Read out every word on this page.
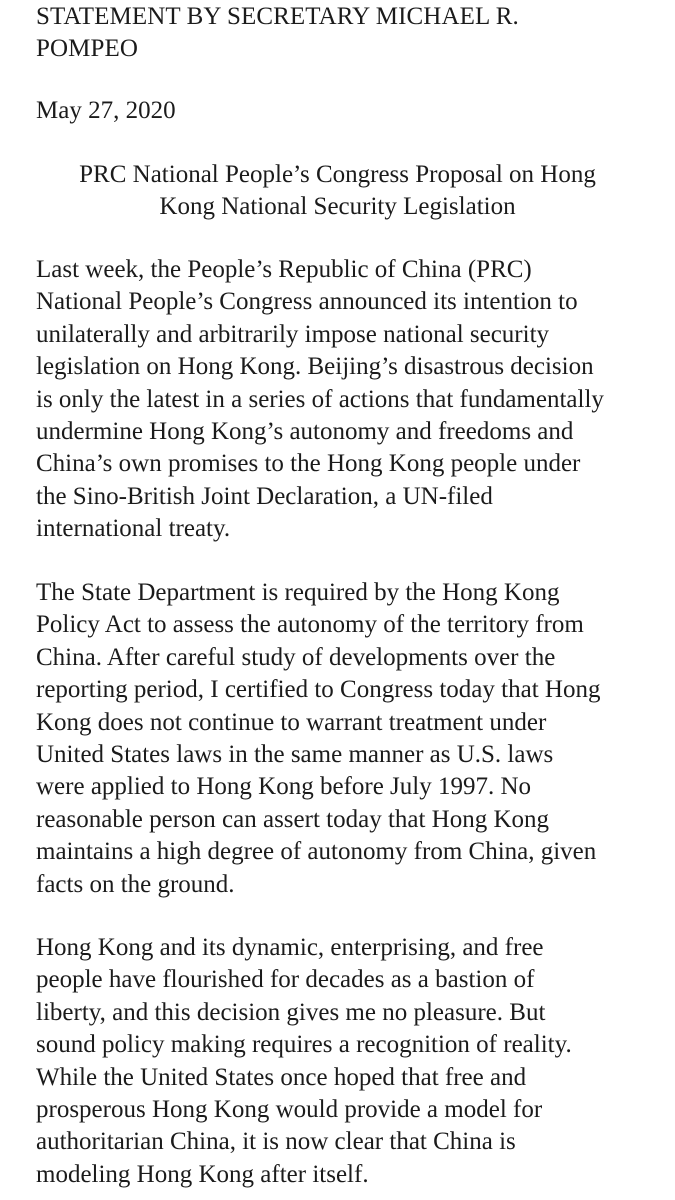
STATEMENT BY SECRETARY MICHAEL R.
POMPEO
May 27, 2020
PRC National People’s Congress Proposal on Hong
Kong National Security Legislation
Last week, the People’s Republic of China (PRC)
National People’s Congress announced its intention to
unilaterally and arbitrarily impose national security
legislation on Hong Kong. Beijing’s disastrous decision
is only the latest in a series of actions that fundamentally
undermine Hong Kong’s autonomy and freedoms and
China’s own promises to the Hong Kong people under
the Sino-British Joint Declaration, a UN-filed
international treaty.
The State Department is required by the Hong Kong
Policy Act to assess the autonomy of the territory from
China. After careful study of developments over the
reporting period, I certified to Congress today that Hong
Kong does not continue to warrant treatment under
United States laws in the same manner as U.S. laws
were applied to Hong Kong before July 1997. No
reasonable person can assert today that Hong Kong
maintains a high degree of autonomy from China, given
facts on the ground.
Hong Kong and its dynamic, enterprising, and free
people have flourished for decades as a bastion of
liberty, and this decision gives me no pleasure. But
sound policy making requires a recognition of reality.
While the United States once hoped that free and
prosperous Hong Kong would provide a model for
authoritarian China, it is now clear that China is
modeling Hong Kong after itself.
